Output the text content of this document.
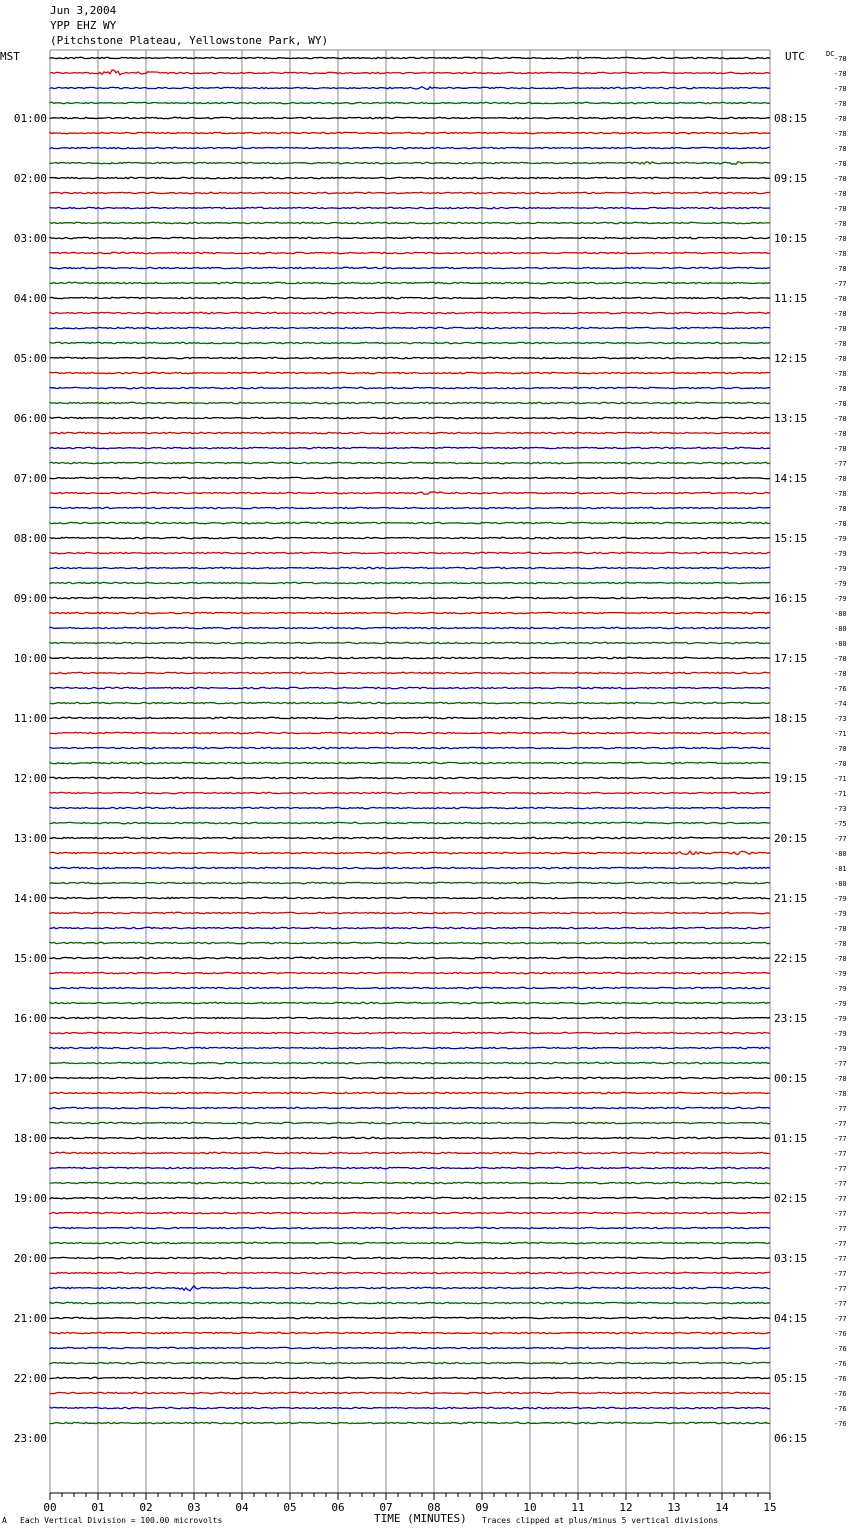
Jun 3,2004
YPP EHZ WY
(Pitchstone Plateau, Yellowstone Park, WY)
-78
-78
-78
-78
-78
-78
-78
-78
-78
-78
-78
-78
-78
-78
-78
-77
-78
-78
-78
-78
-78
-78
-78
-78
-78
-78
-78
-77
-78
-78
-78
-78
-79
-79
-79
-79
-79
-80
-80
-80
-78
-78
-76
-74
-73
-71
-70
-70
-71
-71
-73
-75
-77
-80
-81
-80
-79
-79
-78
-78
-78
-79
-79
-79
-79
-79
-79
-77
-78
-78
-77
-77
-77
-77
-77
-77
-77
-77
-77
-77
-77
-77
-77
-77
-77
-76
-76
-76
-76
-76
-76
-76
MST	UTC	DC
01:00
02:00
03:00
04:00
05:00
06:00
07:00
08:00
09:00
10:00
11:00
12:00
13:00
14:00
15:00
16:00
17:00
18:00
19:00
20:00
21:00
22:00
23:00
08:15
09:15
10:15
11:15
12:15
13:15
14:15
15:15
16:15
17:15
18:15
19:15
20:15
21:15
22:15
23:15
00:15
01:15
02:15
03:15
04:15
05:15
06:15
00	01	02	03	04	05	06	07	08	09	10	11	12	13	14	15
A Each Vertical Division = 100.00 microvolts	TIME (MINUTES) Traces clipped at plus/minus 5 vertical divisions
